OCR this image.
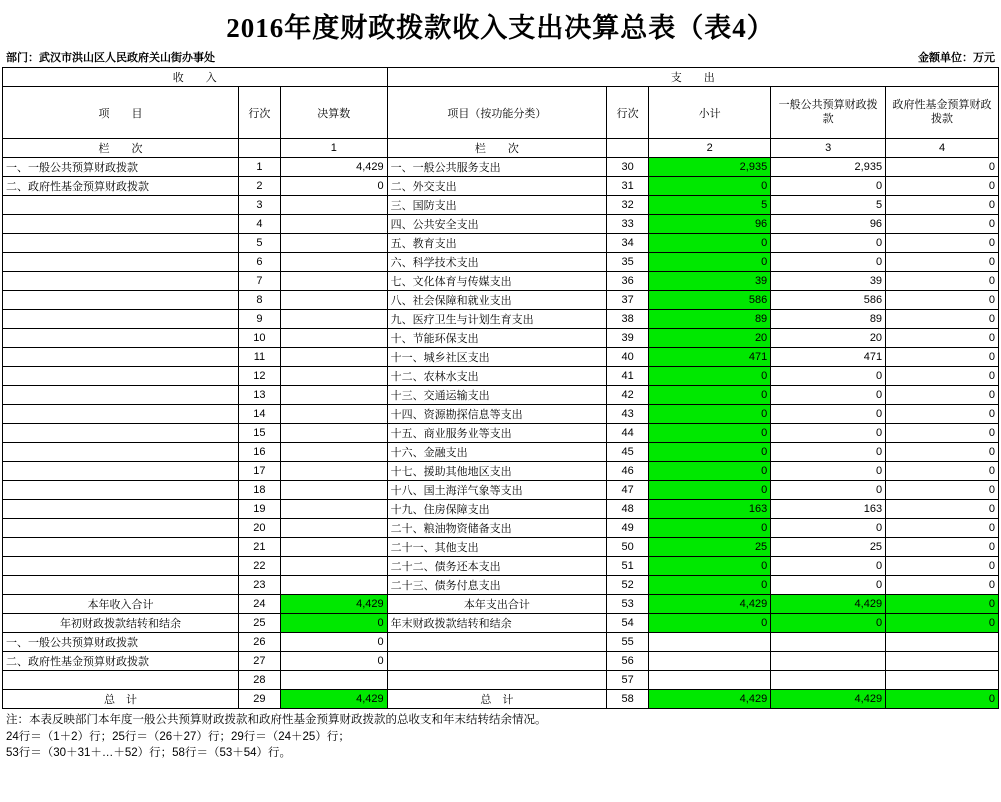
2016年度财政拨款收入支出决算总表（表4）
部门：武汉市洪山区人民政府关山街办事处	金额单位：万元
收　　入			支　　出				
项　　目	行次	决算数	项目（按功能分类）	行次	小计	一般公共预算财政拨款	政府性基金预算财政拨款
栏　　次		1	栏　　次		2	3	4
一、一般公共预算财政拨款	1	4,429	一、一般公共服务支出	30	2,935	2,935	0
二、政府性基金预算财政拨款	2	0	二、外交支出	31	0	0	0
	3		三、国防支出	32	5	5	0
	4		四、公共安全支出	33	96	96	0
	5		五、教育支出	34	0	0	0
	6		六、科学技术支出	35	0	0	0
	7		七、文化体育与传媒支出	36	39	39	0
	8		八、社会保障和就业支出	37	586	586	0
	9		九、医疗卫生与计划生育支出	38	89	89	0
	10		十、节能环保支出	39	20	20	0
	11		十一、城乡社区支出	40	471	471	0
	12		十二、农林水支出	41	0	0	0
	13		十三、交通运输支出	42	0	0	0
	14		十四、资源勘探信息等支出	43	0	0	0
	15		十五、商业服务业等支出	44	0	0	0
	16		十六、金融支出	45	0	0	0
	17		十七、援助其他地区支出	46	0	0	0
	18		十八、国土海洋气象等支出	47	0	0	0
	19		十九、住房保障支出	48	163	163	0
	20		二十、粮油物资储备支出	49	0	0	0
	21		二十一、其他支出	50	25	25	0
	22		二十二、债务还本支出	51	0	0	0
	23		二十三、债务付息支出	52	0	0	0
本年收入合计	24	4,429	本年支出合计	53	4,429	4,429	0
年初财政拨款结转和结余	25	0	年末财政拨款结转和结余	54	0	0	0
一、一般公共预算财政拨款	26	0		55			
二、政府性基金预算财政拨款	27	0		56			
	28			57			
总　计	29	4,429	总　计	58	4,429	4,429	0
注：本表反映部门本年度一般公共预算财政拨款和政府性基金预算财政拨款的总收支和年末结转结余情况。
24行＝（1＋2）行；25行＝（26＋27）行；29行＝（24＋25）行；
53行＝（30＋31＋…＋52）行；58行＝（53＋54）行。
